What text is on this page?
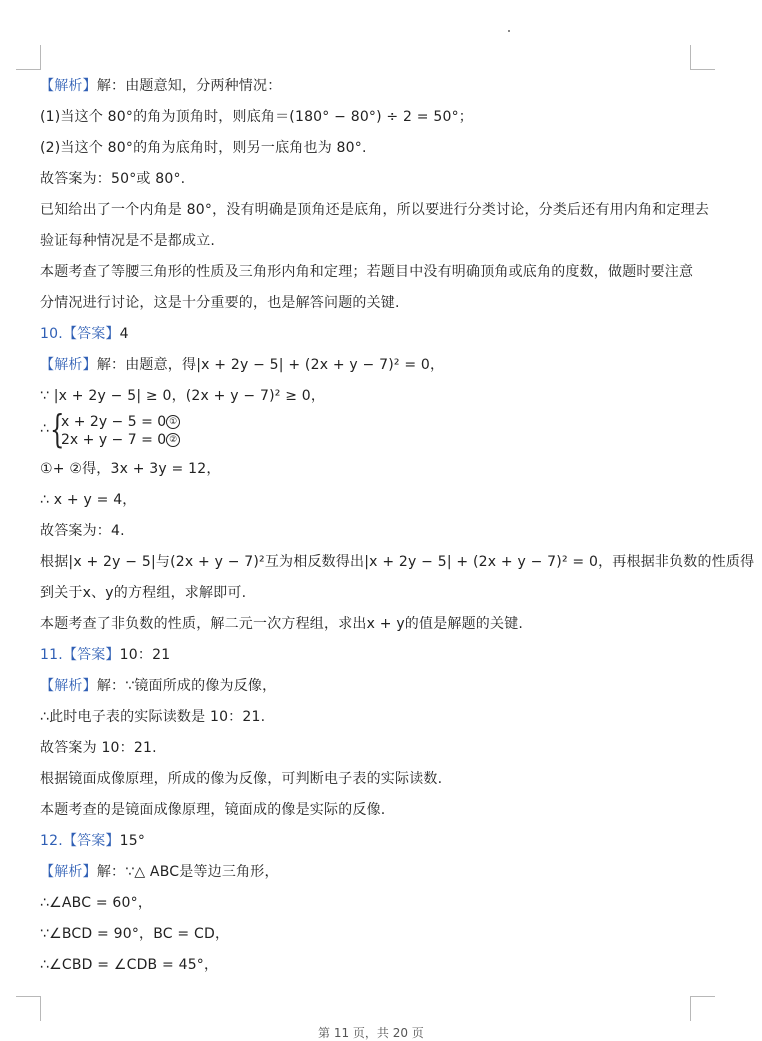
【解析】解：由题意知，分两种情况：
(1)当这个 80°的角为顶角时，则底角＝(180° − 80°) ÷ 2 = 50°；
(2)当这个 80°的角为底角时，则另一底角也为 80°.
故答案为：50°或 80°.
已知给出了一个内角是 80°，没有明确是顶角还是底角，所以要进行分类讨论，分类后还有用内角和定理去
验证每种情况是不是都成立.
本题考查了等腰三角形的性质及三角形内角和定理；若题目中没有明确顶角或底角的度数，做题时要注意
分情况进行讨论，这是十分重要的，也是解答问题的关键.
10.【答案】4
【解析】解：由题意，得|x + 2y − 5| + (2x + y − 7)² = 0，
∵ |x + 2y − 5| ≥ 0，(2x + y − 7)² ≥ 0，
∴ {
x + 2y − 5 = 0 ①
2x + y − 7 = 0 ②
①+ ②得，3x + 3y = 12，
∴ x + y = 4，
故答案为：4.
根据|x + 2y − 5|与(2x + y − 7)²互为相反数得出|x + 2y − 5| + (2x + y − 7)² = 0，再根据非负数的性质得
到关于x、y的方程组，求解即可.
本题考查了非负数的性质，解二元一次方程组，求出x + y的值是解题的关键.
11.【答案】10：21
【解析】解：∵镜面所成的像为反像，
∴此时电子表的实际读数是 10：21.
故答案为 10：21.
根据镜面成像原理，所成的像为反像，可判断电子表的实际读数.
本题考查的是镜面成像原理，镜面成的像是实际的反像.
12.【答案】15°
【解析】解：∵△ ABC是等边三角形，
∴∠ABC = 60°，
∵∠BCD = 90°，BC = CD，
∴∠CBD = ∠CDB = 45°，
第 11 页，共 20 页
